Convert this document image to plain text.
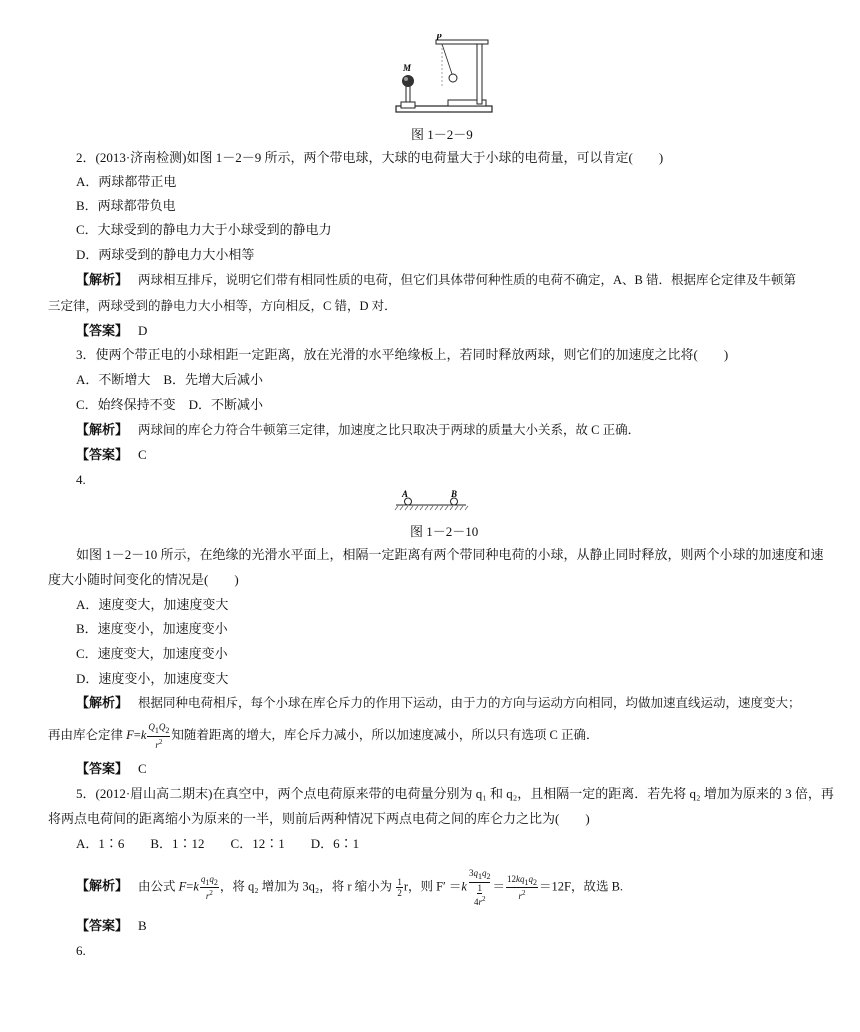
M
P
图 1－2－9
2．(2013·济南检测)如图 1－2－9 所示，两个带电球，大球的电荷量大于小球的电荷量，可以肯定(　　)
A．两球都带正电
B．两球都带负电
C．大球受到的静电力大于小球受到的静电力
D．两球受到的静电力大小相等
【解析】 两球相互排斥，说明它们带有相同性质的电荷，但它们具体带何种性质的电荷不确定，A、B 错．根据库仑定律及牛顿第
三定律，两球受到的静电力大小相等，方向相反，C 错，D 对．
【答案】 D
3．使两个带正电的小球相距一定距离，放在光滑的水平绝缘板上，若同时释放两球，则它们的加速度之比将(　　)
A．不断增大　B．先增大后减小
C．始终保持不变　D．不断减小
【解析】 两球间的库仑力符合牛顿第三定律，加速度之比只取决于两球的质量大小关系，故 C 正确．
【答案】 C
4.
A	B
图 1－2－10
如图 1－2－10 所示，在绝缘的光滑水平面上，相隔一定距离有两个带同种电荷的小球，从静止同时释放，则两个小球的加速度和速
度大小随时间变化的情况是(　　)
A．速度变大，加速度变大
B．速度变小，加速度变小
C．速度变大，加速度变小
D．速度变小，加速度变大
【解析】 根据同种电荷相斥，每个小球在库仑斥力的作用下运动，由于力的方向与运动方向相同，均做加速直线运动，速度变大；
再由库仑定律 $F=k \frac{Q_1Q_2}{r^2}$ 知随着距离的增大，库仑斥力减小，所以加速度减小，所以只有选项 C 正确．
【答案】 C
5．(2012·眉山高二期末)在真空中，两个点电荷原来带的电荷量分别为 q₁ 和 q₂，且相隔一定的距离．若先将 q₂ 增加为原来的 3 倍，再
将两点电荷间的距离缩小为原来的一半，则前后两种情况下两点电荷之间的库仑力之比为(　　)
A．1∶6　　B．1∶12　　C．12∶1　　D．6∶1
【解析】 由公式 $F=k \frac{q_1q_2}{r^2}$ ，将 q₂ 增加为 3q₂，将 r 缩小为 $\frac{1}{2}$ r，则 F′ ＝k
$3q_1q_2$
1
$4r^2$
＝ $\frac{12kq_1q_2}{r^2} =12F$，故选 B.
【答案】 B
6.
